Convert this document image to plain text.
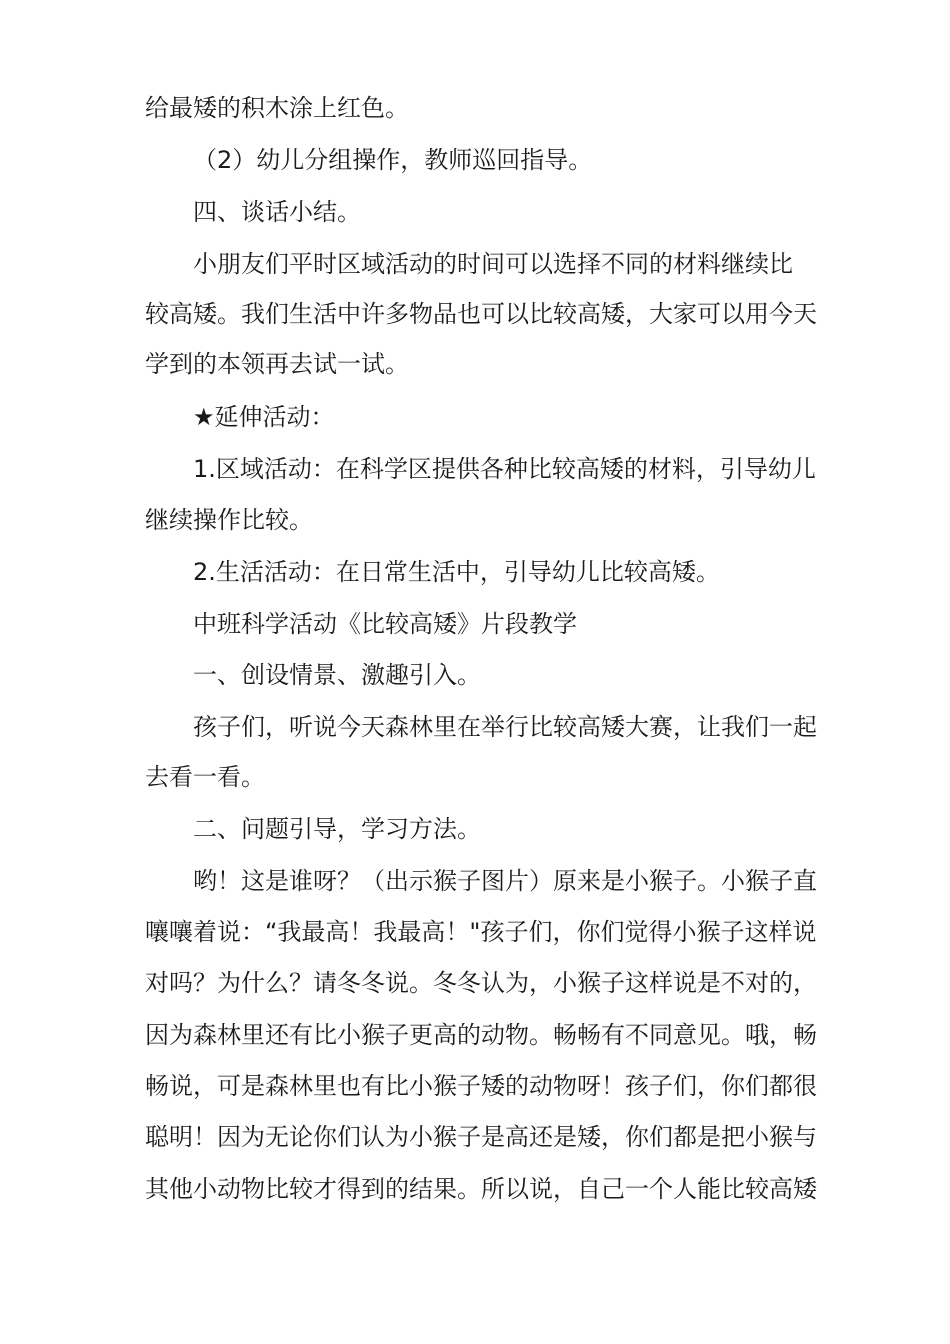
给最矮的积木涂上红色。
（2）幼儿分组操作，教师巡回指导。
四、谈话小结。
小朋友们平时区域活动的时间可以选择不同的材料继续比
较高矮。我们生活中许多物品也可以比较高矮，大家可以用今天
学到的本领再去试一试。
★延伸活动：
1.区域活动：在科学区提供各种比较高矮的材料，引导幼儿
继续操作比较。
2.生活活动：在日常生活中，引导幼儿比较高矮。
中班科学活动《比较高矮》片段教学
一、创设情景、激趣引入。
孩子们，听说今天森林里在举行比较高矮大赛，让我们一起
去看一看。
二、问题引导，学习方法。
哟！这是谁呀？（出示猴子图片）原来是小猴子。小猴子直
嚷嚷着说：“我最高！我最高！"孩子们，你们觉得小猴子这样说
对吗？为什么？请冬冬说。冬冬认为，小猴子这样说是不对的，
因为森林里还有比小猴子更高的动物。畅畅有不同意见。哦，畅
畅说，可是森林里也有比小猴子矮的动物呀！孩子们，你们都很
聪明！因为无论你们认为小猴子是高还是矮，你们都是把小猴与
其他小动物比较才得到的结果。所以说，自己一个人能比较高矮
